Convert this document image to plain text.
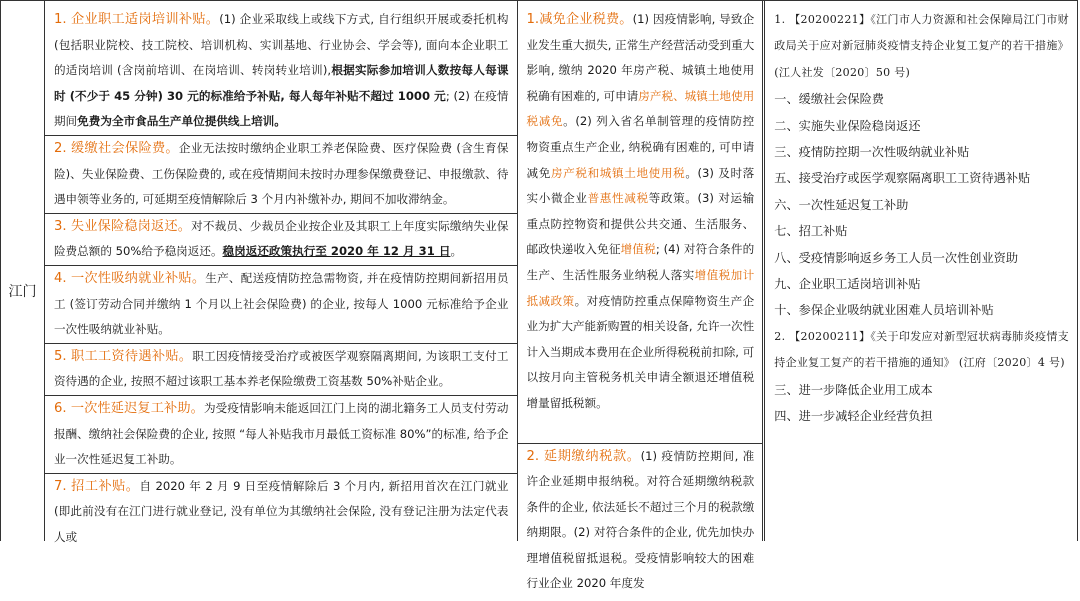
江门

1. 企业职工适岗培训补贴。(1) 企业采取线上或线下方式, 自行组织开展或委托机构 (包括职业院校、技工院校、培训机构、实训基地、行业协会、学会等), 面向本企业职工的适岗培训 (含岗前培训、在岗培训、转岗转业培训),根据实际参加培训人数按每人每课时 (不少于 45 分钟) 30 元的标准给予补贴, 每人每年补贴不超过 1000 元; (2) 在疫情期间免费为全市食品生产单位提供线上培训。

2. 缓缴社会保险费。企业无法按时缴纳企业职工养老保险费、医疗保险费 (含生育保险)、失业保险费、工伤保险费的, 或在疫情期间未按时办理参保缴费登记、申报缴款、待遇申领等业务的, 可延期至疫情解除后 3 个月内补缴补办, 期间不加收滞纳金。

3. 失业保险稳岗返还。对不裁员、少裁员企业按企业及其职工上年度实际缴纳失业保险费总额的 50%给予稳岗返还。稳岗返还政策执行至 2020 年 12 月 31 日。

4. 一次性吸纳就业补贴。生产、配送疫情防控急需物资, 并在疫情防控期间新招用员工 (签订劳动合同并缴纳 1 个月以上社会保险费) 的企业, 按每人 1000 元标准给予企业一次性吸纳就业补贴。

5. 职工工资待遇补贴。职工因疫情接受治疗或被医学观察隔离期间, 为该职工支付工资待遇的企业, 按照不超过该职工基本养老保险缴费工资基数 50%补贴企业。

6. 一次性延迟复工补助。为受疫情影响未能返回江门上岗的湖北籍务工人员支付劳动报酬、缴纳社会保险费的企业, 按照 “每人补贴我市月最低工资标准 80%”的标准, 给予企业一次性延迟复工补助。

7. 招工补贴。自 2020 年 2 月 9 日至疫情解除后 3 个月内, 新招用首次在江门就业 (即此前没有在江门进行就业登记, 没有单位为其缴纳社会保险, 没有登记注册为法定代表人或

1.减免企业税费。(1) 因疫情影响, 导致企业发生重大损失, 正常生产经营活动受到重大影响, 缴纳 2020 年房产税、城镇土地使用税确有困难的, 可申请房产税、城镇土地使用税减免。(2) 列入省名单制管理的疫情防控物资重点生产企业, 纳税确有困难的, 可申请减免房产税和城镇土地使用税。(3) 及时落实小微企业普惠性减税等政策。(3) 对运输重点防控物资和提供公共交通、生活服务、邮政快递收入免征增值税; (4) 对符合条件的生产、生活性服务业纳税人落实增值税加计抵减政策。对疫情防控重点保障物资生产企业为扩大产能新购置的相关设备, 允许一次性计入当期成本费用在企业所得税税前扣除, 可以按月向主管税务机关申请全额退还增值税增量留抵税额。

2. 延期缴纳税款。(1) 疫情防控期间, 准许企业延期申报纳税。对符合延期缴纳税款条件的企业, 依法延长不超过三个月的税款缴纳期限。(2) 对符合条件的企业, 优先加快办理增值税留抵退税。受疫情影响较大的困难行业企业 2020 年度发

1. 【20200221】《江门市人力资源和社会保障局江门市财政局关于应对新冠肺炎疫情支持企业复工复产的若干措施》 (江人社发〔2020〕50 号)

一、缓缴社会保险费
二、实施失业保险稳岗返还
三、疫情防控期一次性吸纳就业补贴
五、接受治疗或医学观察隔离职工工资待遇补贴
六、一次性延迟复工补助
七、招工补贴
八、受疫情影响返乡务工人员一次性创业资助
九、企业职工适岗培训补贴
十、参保企业吸纳就业困难人员培训补贴

2. 【20200211】《关于印发应对新型冠状病毒肺炎疫情支持企业复工复产的若干措施的通知》 (江府〔2020〕4 号)

三、进一步降低企业用工成本
四、进一步减轻企业经营负担
